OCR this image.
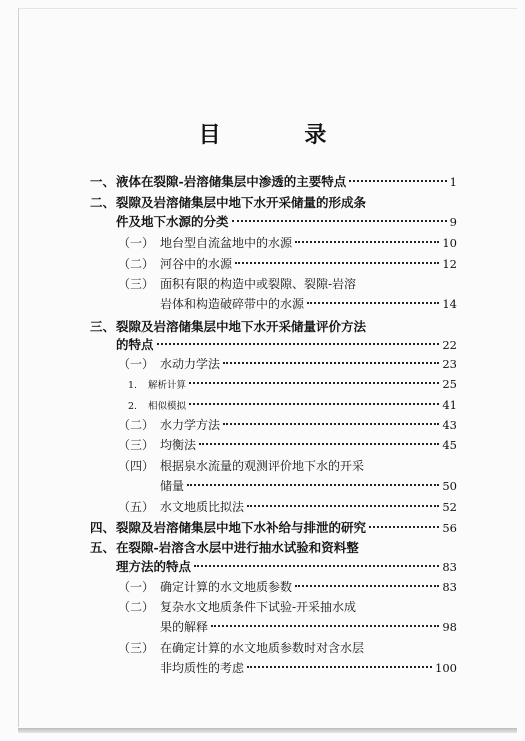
目 录
一、 液体在裂隙-岩溶储集层中渗透的主要特点	1
二、 裂隙及岩溶储集层中地下水开采储量的形成条
件及地下水源的分类	9
（一） 地台型自流盆地中的水源	10
（二） 河谷中的水源	12
（三） 面积有限的构造中或裂隙、裂隙-岩溶
岩体和构造破碎带中的水源	14
三、 裂隙及岩溶储集层中地下水开采储量评价方法
的特点	22
（一） 水动力学法	23
1.	解析计算	25
2.	相似模拟	41
（二） 水力学方法	43
（三） 均衡法	45
（四） 根据泉水流量的观测评价地下水的开采
储量	50
（五） 水文地质比拟法	52
四、 裂隙及岩溶储集层中地下水补给与排泄的研究	56
五、 在裂隙-岩溶含水层中进行抽水试验和资料整
理方法的特点	83
（一） 确定计算的水文地质参数	83
（二） 复杂水文地质条件下试验-开采抽水成
果的解释	98
（三） 在确定计算的水文地质参数时对含水层
非均质性的考虑	100
